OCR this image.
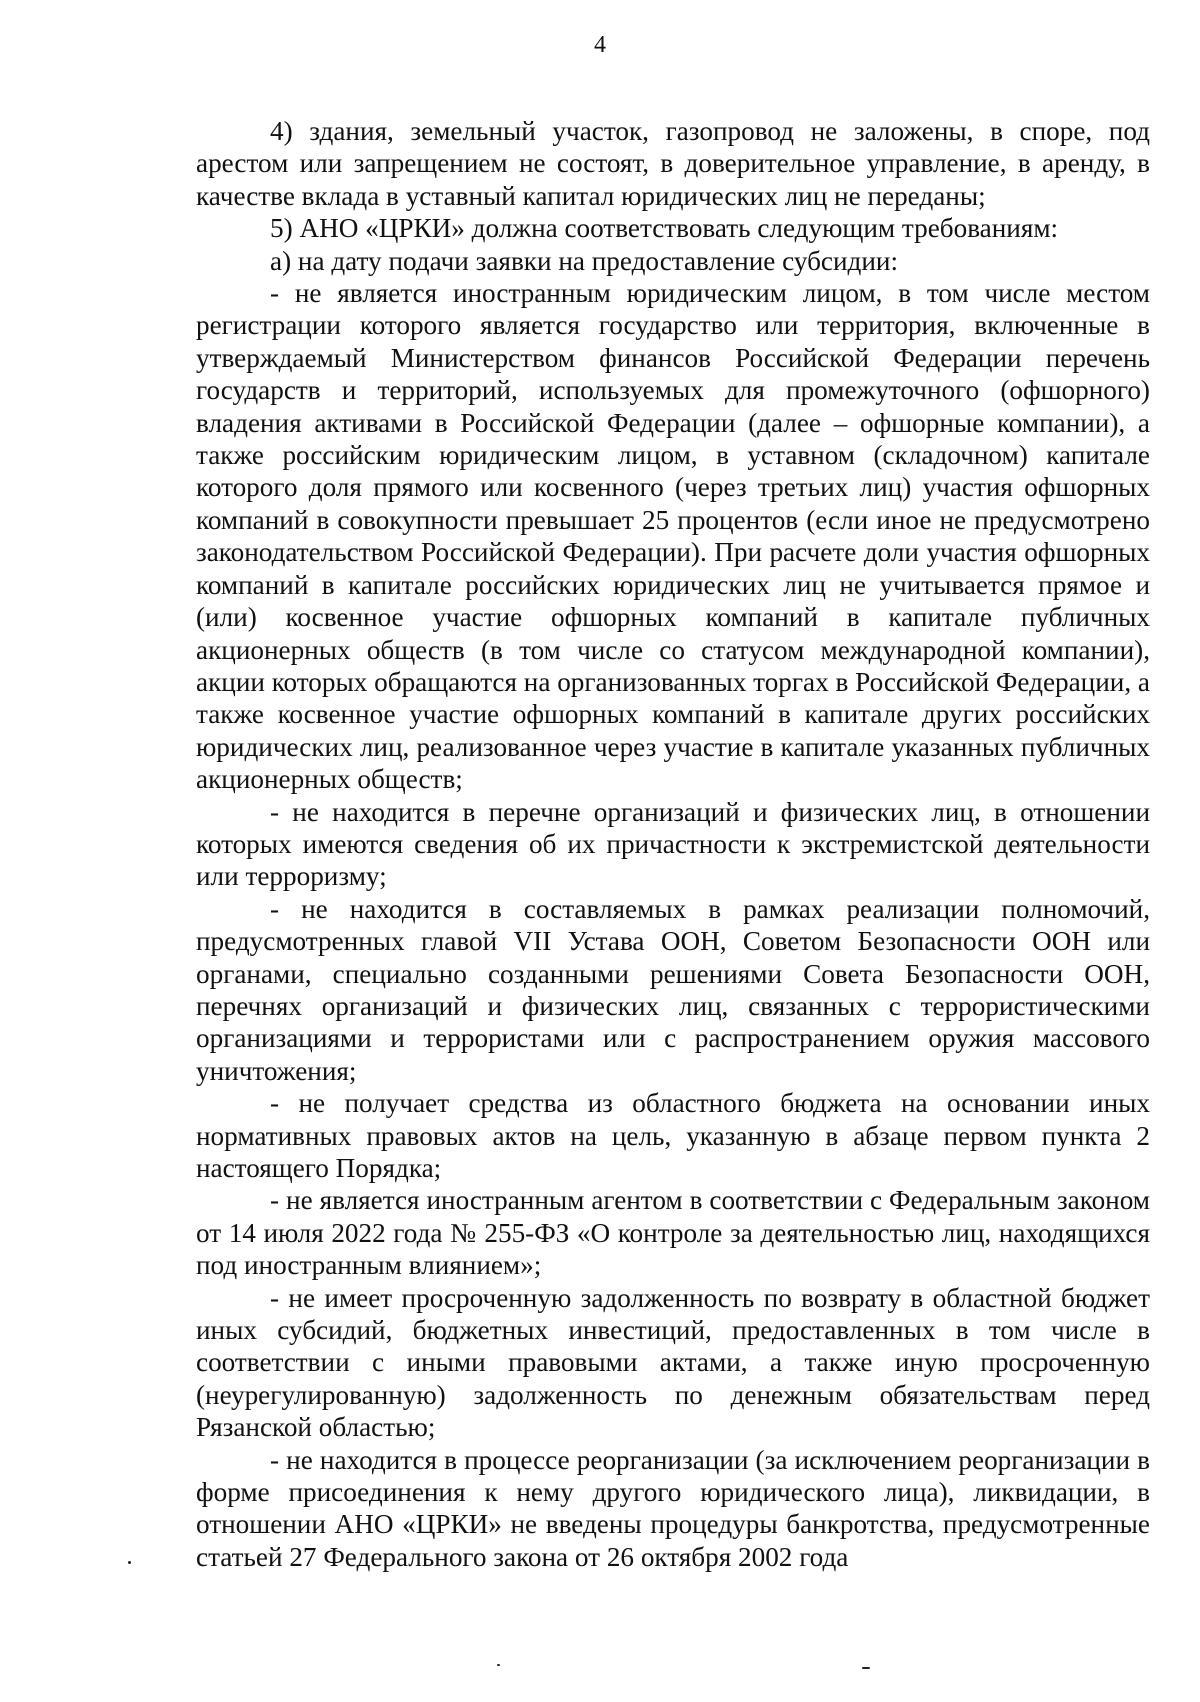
4

4) здания, земельный участок, газопровод не заложены, в споре, под арестом или запрещением не состоят, в доверительное управление, в аренду, в качестве вклада в уставный капитал юридических лиц не переданы;

5) АНО «ЦРКИ» должна соответствовать следующим требованиям:

а) на дату подачи заявки на предоставление субсидии:

- не является иностранным юридическим лицом, в том числе местом регистрации которого является государство или территория, включенные в утверждаемый Министерством финансов Российской Федерации перечень государств и территорий, используемых для промежуточного (офшорного) владения активами в Российской Федерации (далее – офшорные компании), а также российским юридическим лицом, в уставном (складочном) капитале которого доля прямого или косвенного (через третьих лиц) участия офшорных компаний в совокупности превышает 25 процентов (если иное не предусмотрено законодательством Российской Федерации). При расчете доли участия офшорных компаний в капитале российских юридических лиц не учитывается прямое и (или) косвенное участие офшорных компаний в капитале публичных акционерных обществ (в том числе со статусом международной компании), акции которых обращаются на организованных торгах в Российской Федерации, а также косвенное участие офшорных компаний в капитале других российских юридических лиц, реализованное через участие в капитале указанных публичных акционерных обществ;

- не находится в перечне организаций и физических лиц, в отношении которых имеются сведения об их причастности к экстремистской деятельности или терроризму;

- не находится в составляемых в рамках реализации полномочий, предусмотренных главой VII Устава ООН, Советом Безопасности ООН или органами, специально созданными решениями Совета Безопасности ООН, перечнях организаций и физических лиц, связанных с террористическими организациями и террористами или с распространением оружия массового уничтожения;

- не получает средства из областного бюджета на основании иных нормативных правовых актов на цель, указанную в абзаце первом пункта 2 настоящего Порядка;

- не является иностранным агентом в соответствии с Федеральным законом от 14 июля 2022 года № 255-ФЗ «О контроле за деятельностью лиц, находящихся под иностранным влиянием»;

- не имеет просроченную задолженность по возврату в областной бюджет иных субсидий, бюджетных инвестиций, предоставленных в том числе в соответствии с иными правовыми актами, а также иную просроченную (неурегулированную) задолженность по денежным обязательствам перед Рязанской областью;

- не находится в процессе реорганизации (за исключением реорганизации в форме присоединения к нему другого юридического лица), ликвидации, в отношении АНО «ЦРКИ» не введены процедуры банкротства, предусмотренные статьей 27 Федерального закона от 26 октября 2002 года
